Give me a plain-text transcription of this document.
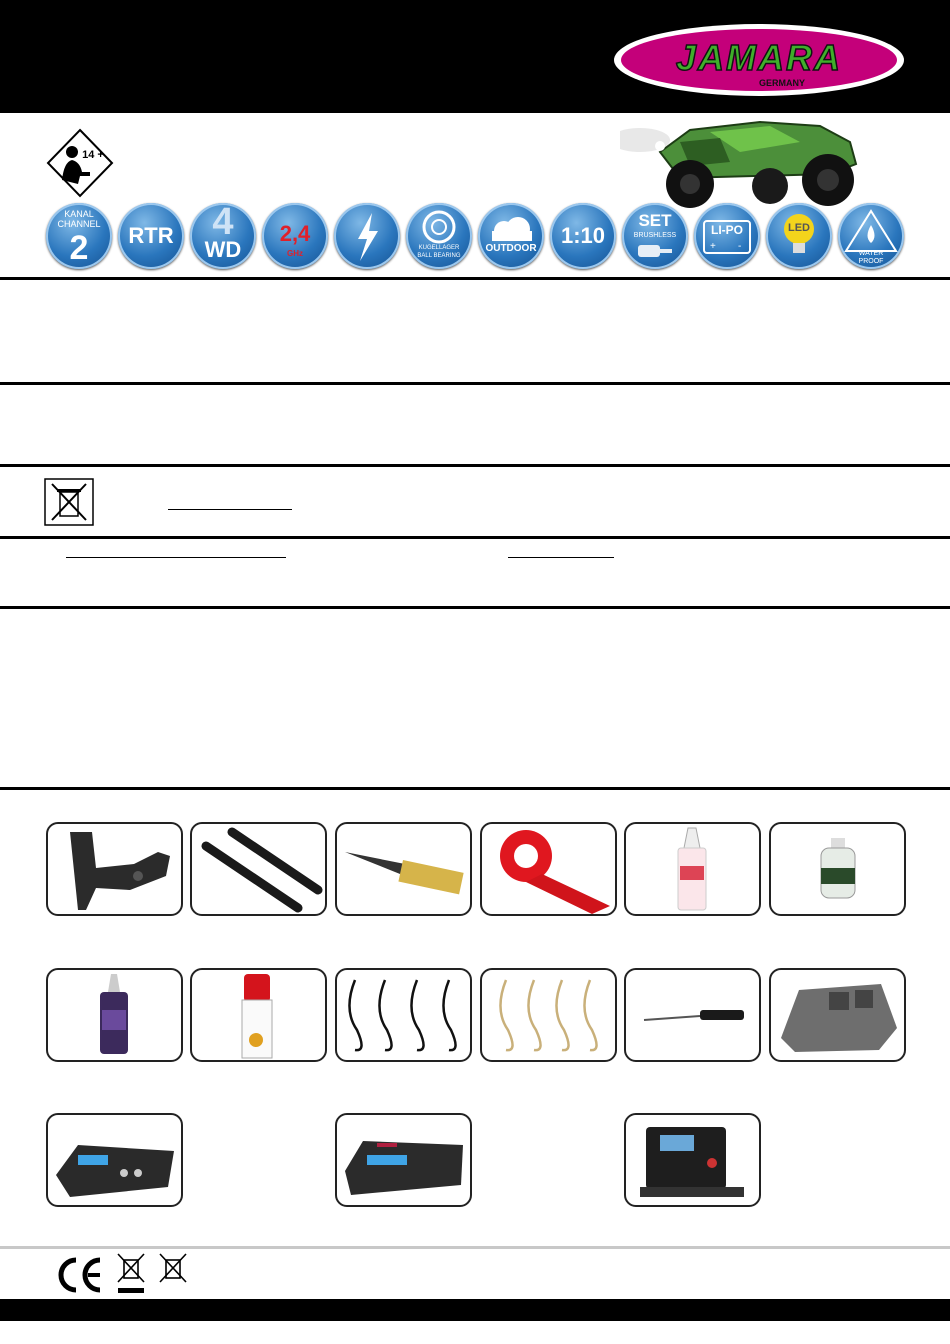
JAMARA
GERMANY
14 +
KANAL
CHANNEL
2	RTR	4
WD
2,4
GHz
KUGELLAGER
BALL BEARING
OUTDOOR
1:10
SET
BRUSHLESS
+ -
LI-PO	LED
WATER
PROOF
